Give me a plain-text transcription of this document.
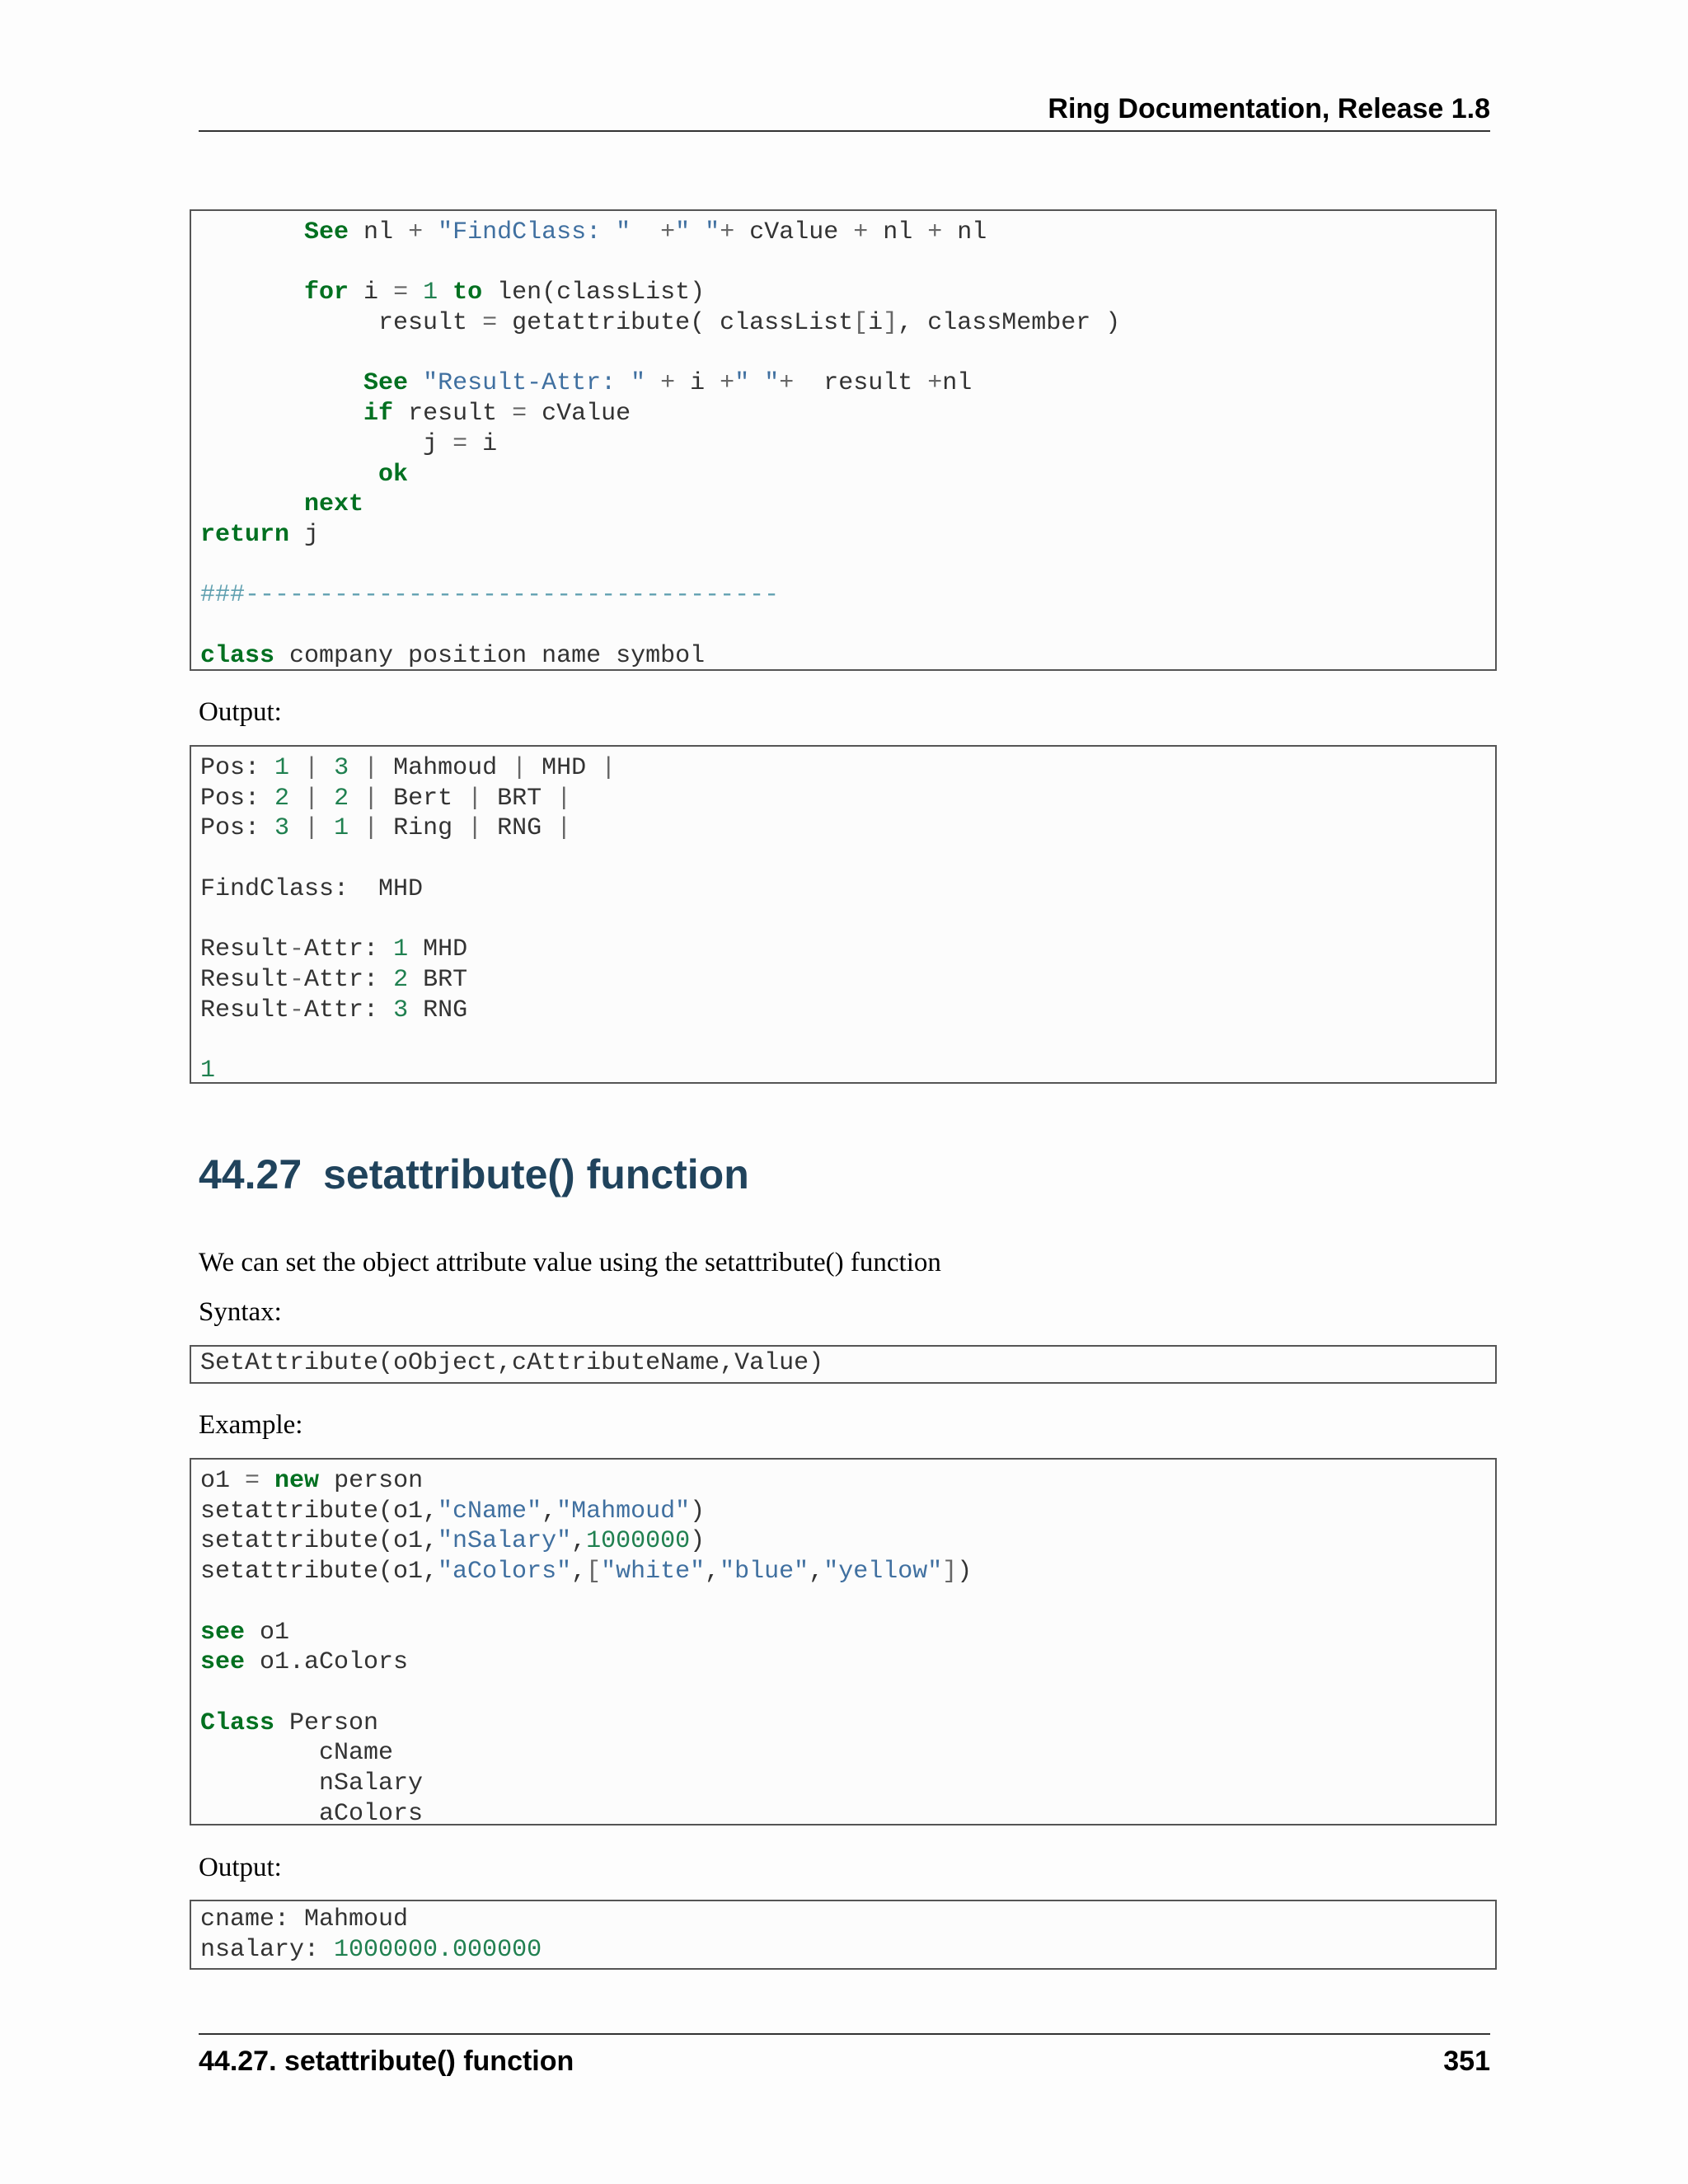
Ring Documentation, Release 1.8
See nl + "FindClass: " +" "+ cValue + nl + nl
for i = 1 to len(classList)
result = getattribute( classList[i], classMember )
See "Result-Attr: " + i +" "+  result +nl
if result = cValue
j = i
ok
next
return j
###------------------------------------
class company position name symbol
Output:
Pos: 1 | 3 | Mahmoud | MHD |
Pos: 2 | 2 | Bert | BRT |
Pos: 3 | 1 | Ring | RNG |
FindClass:  MHD
Result-Attr: 1 MHD
Result-Attr: 2 BRT
Result-Attr: 3 RNG
1
44.27 setattribute() function
We can set the object attribute value using the setattribute() function
Syntax:
SetAttribute(oObject,cAttributeName,Value)
Example:
o1 = new person
setattribute(o1,"cName","Mahmoud")
setattribute(o1,"nSalary",1000000)
setattribute(o1,"aColors",["white","blue","yellow"])
see o1
see o1.aColors
Class Person
cName
nSalary
aColors
Output:
cname: Mahmoud
nsalary: 1000000.000000
44.27. setattribute() function	351
